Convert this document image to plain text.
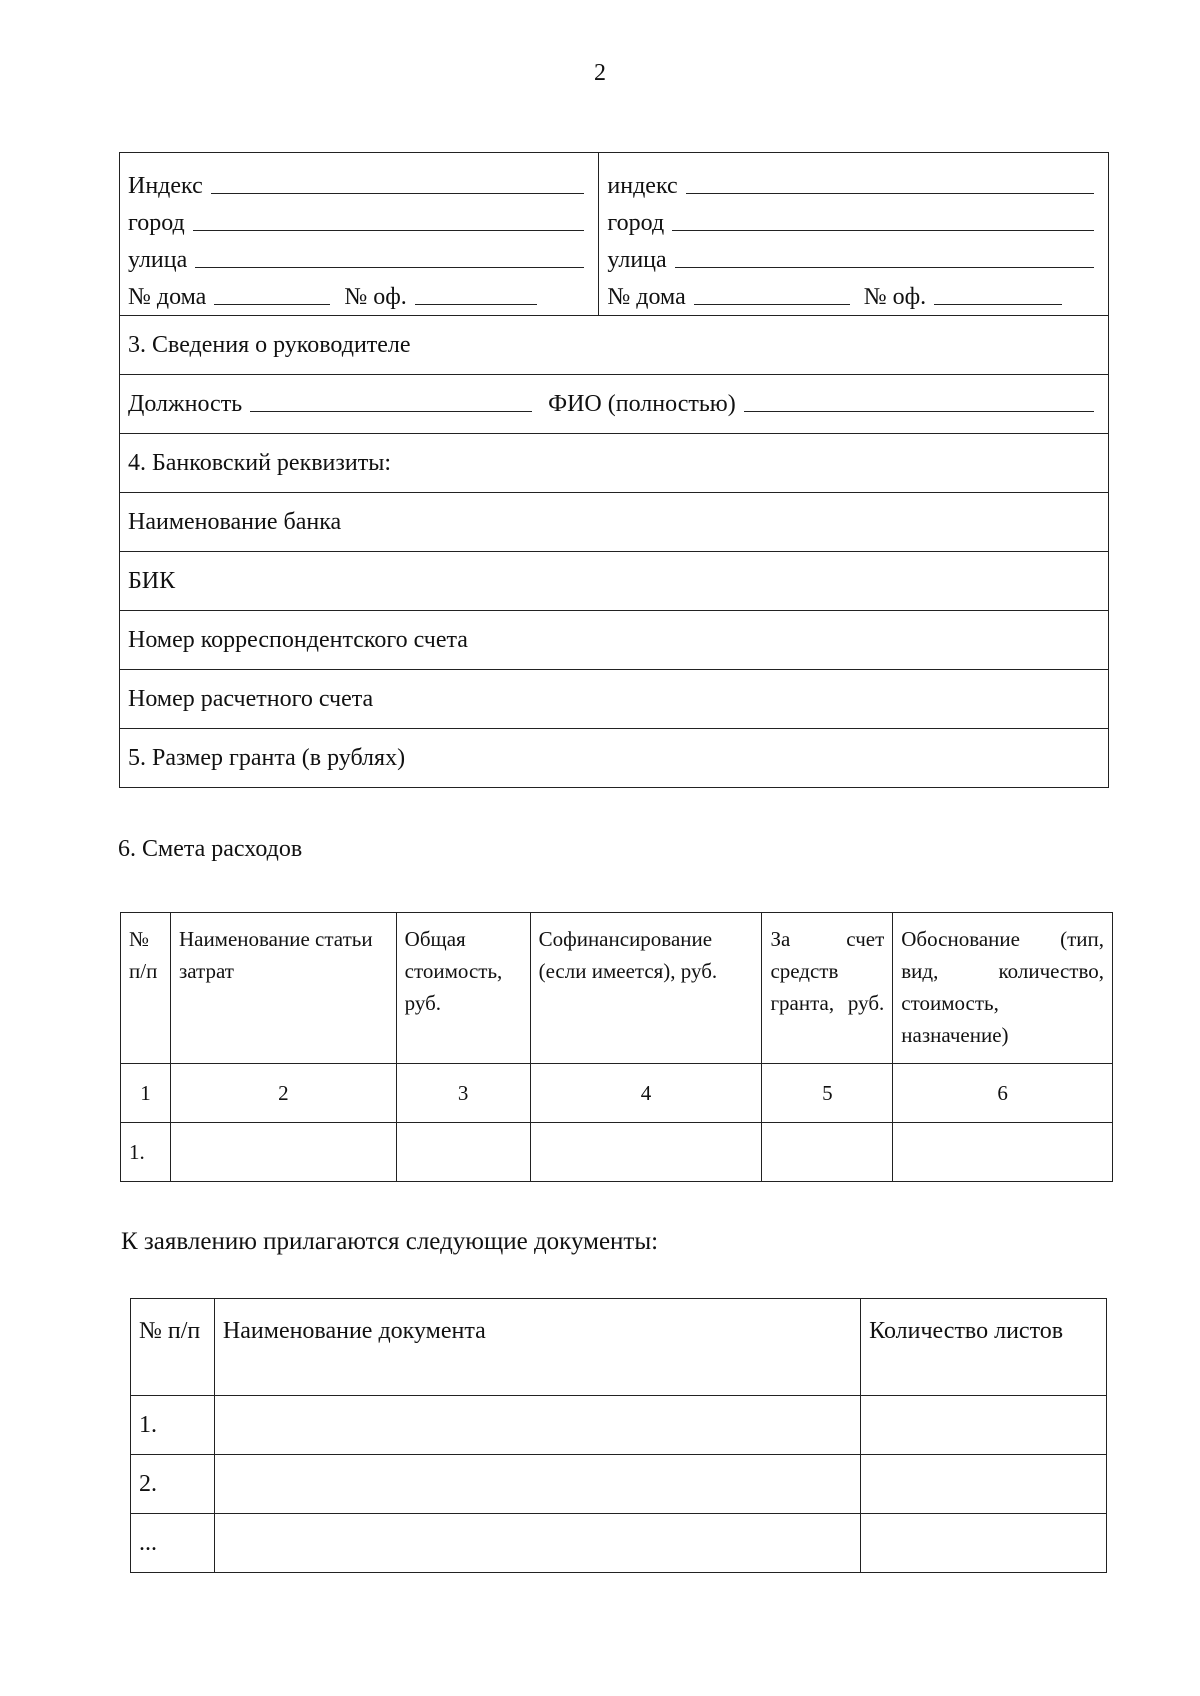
2
Индекс
город
улица
№ дома	№ оф.

индекс
город
улица
№ дома	№ оф.

3. Сведения о руководителе

Должность	ФИО (полностью)

4. Банковский реквизиты:
Наименование банка
БИК
Номер корреспондентского счета
Номер расчетного счета
5. Размер гранта (в рублях)
6. Смета расходов
№ п/п	Наименование статьи затрат	Общая стоимость, руб.	Софинансирование (если имеется), руб.	За счет средств гранта, руб.	Обоснование (тип, вид, количество, стоимость, назначение)
1	2	3	4	5	6
1.					
К заявлению прилагаются следующие документы:
№ п/п	Наименование документа	Количество листов
1.		
2.		
...		
